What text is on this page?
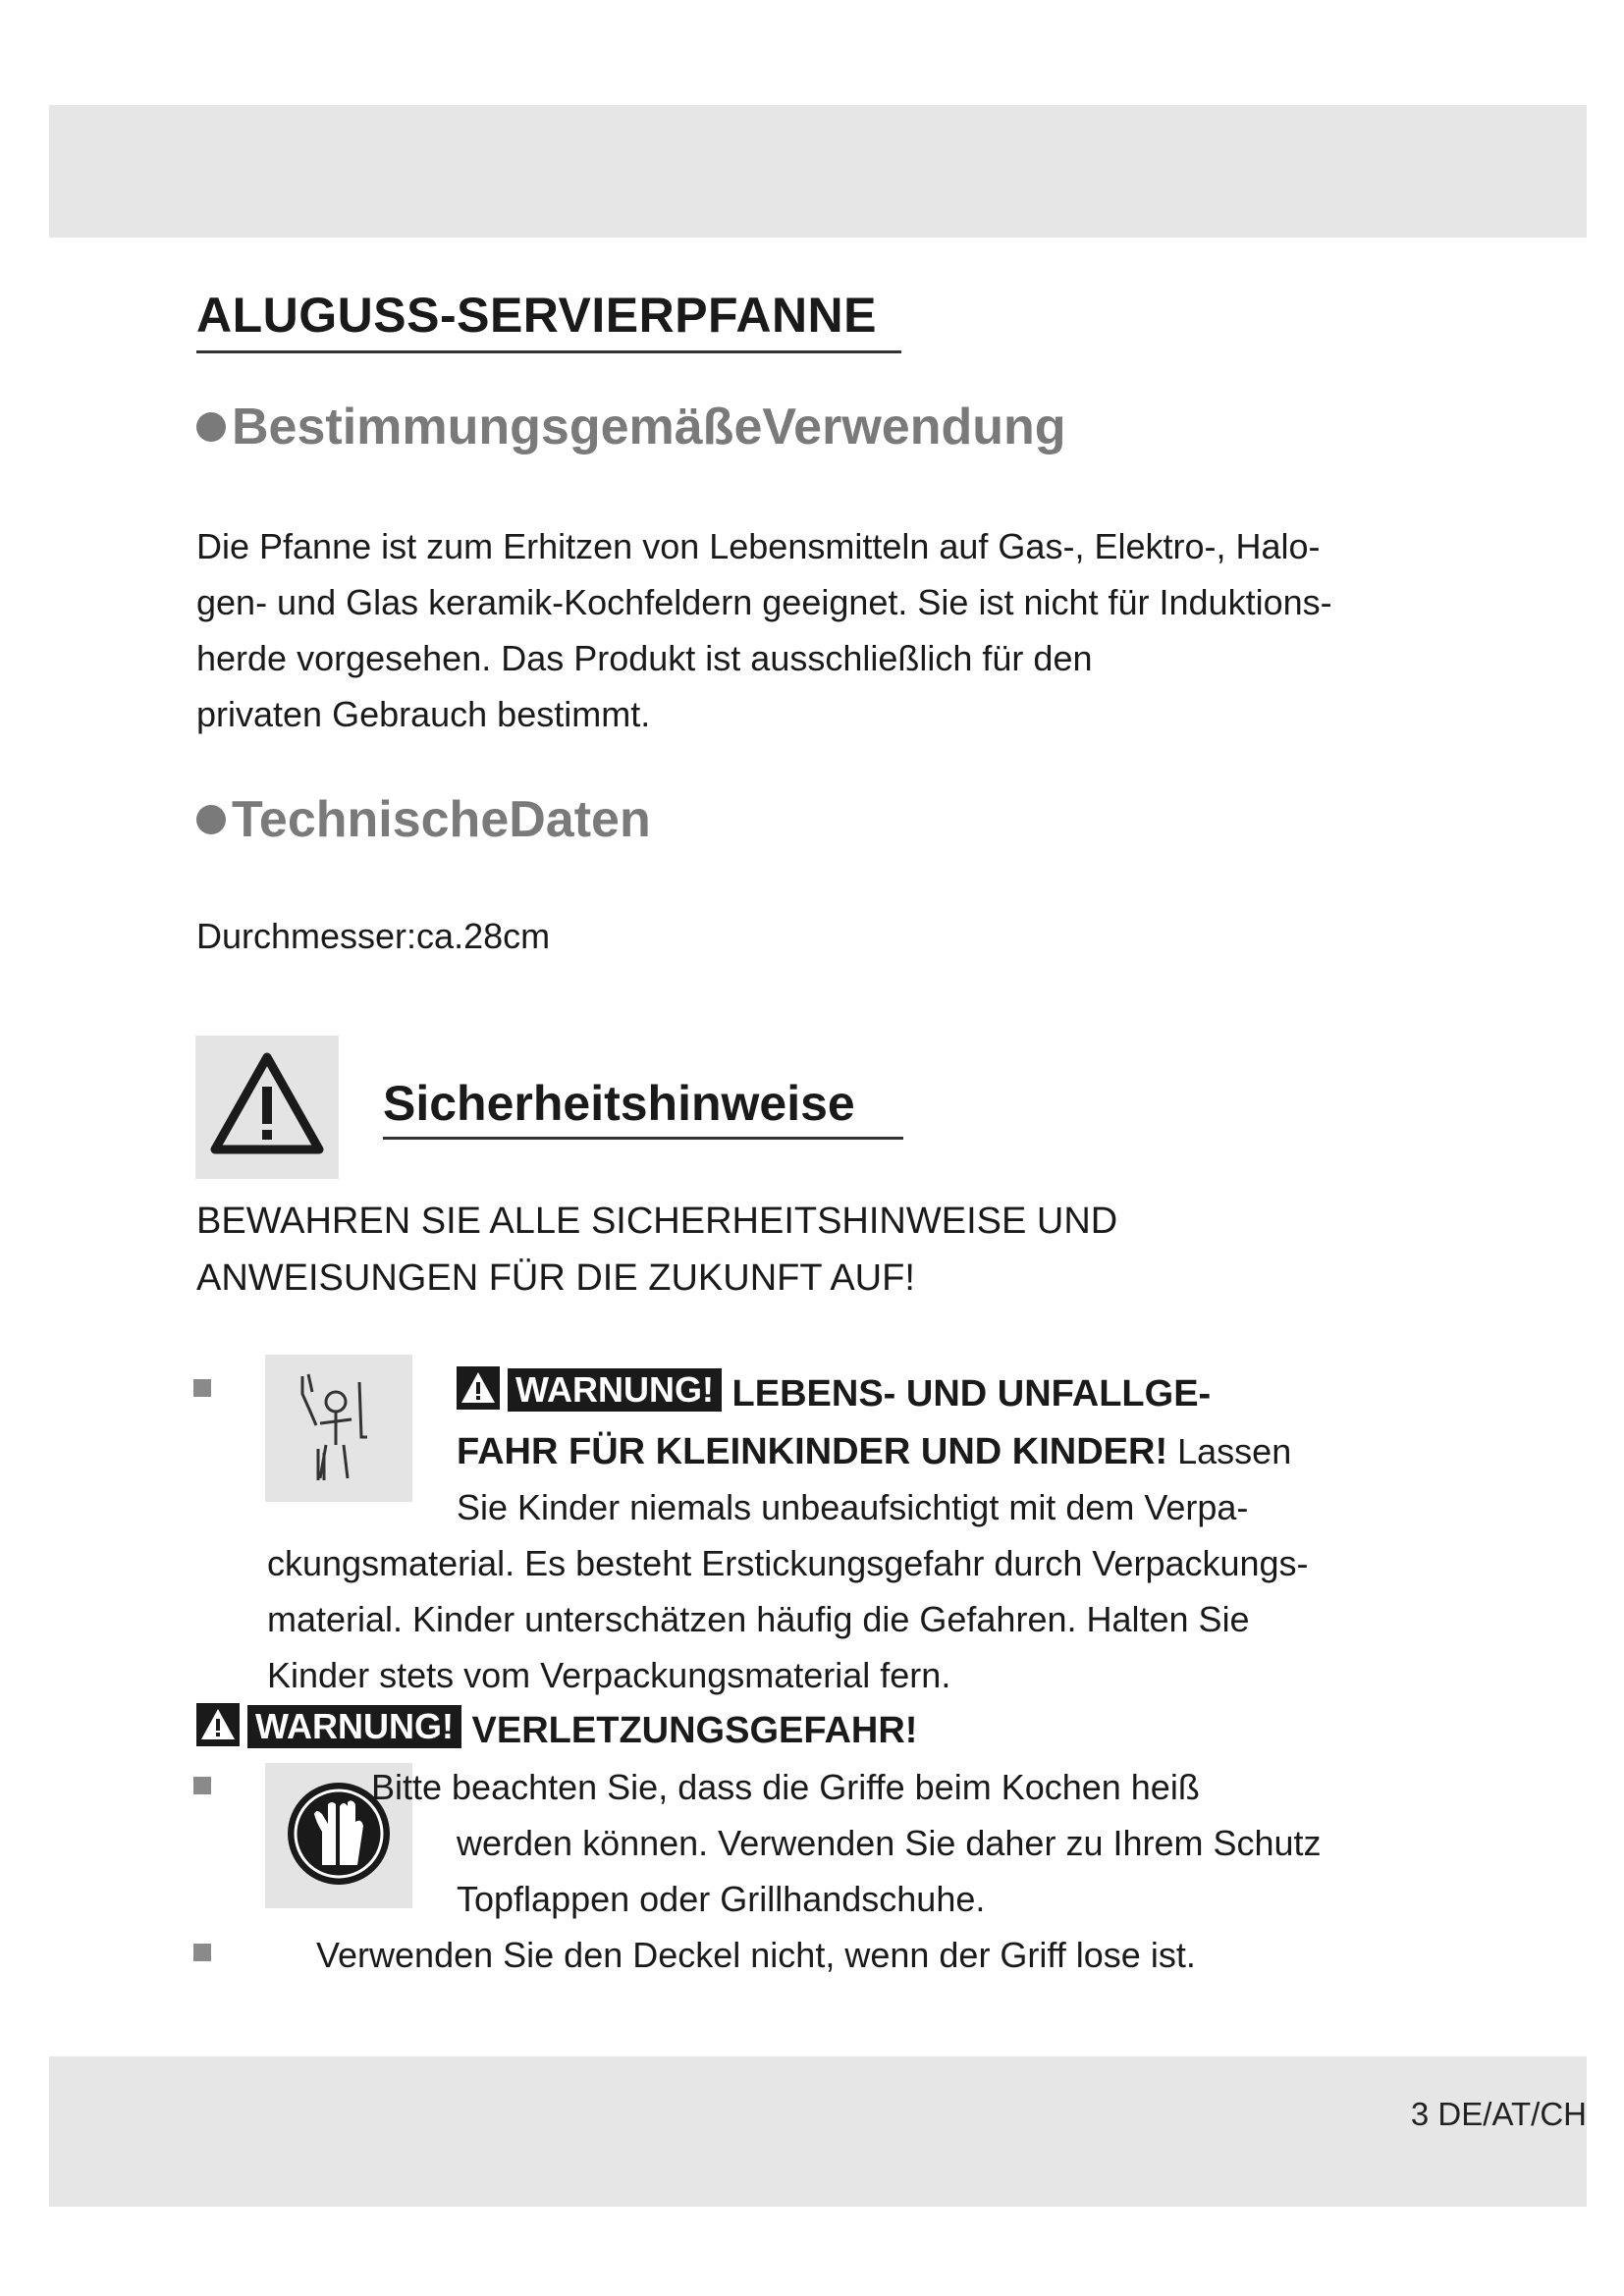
ALUGUSS-SERVIERPFANNE
BestimmungsgemäßeVerwendung
Die Pfanne ist zum Erhitzen von Lebensmitteln auf Gas-, Elektro-, Halo-
gen- und Glas keramik-Kochfeldern geeignet. Sie ist nicht für Induktions-
herde vorgesehen. Das Produkt ist ausschließlich für den
privaten Gebrauch bestimmt.
TechnischeDaten

Durchmesser:ca.28cm

Sicherheitshinweise
BEWAHREN SIE ALLE SICHERHEITSHINWEISE UND
ANWEISUNGEN FÜR DIE ZUKUNFT AUF!

WARNUNG! LEBENS- UND UNFALLGE-

FAHR FÜR KLEINKINDER UND KINDER! Lassen

Sie Kinder niemals unbeaufsichtigt mit dem Verpa-

ckungsmaterial. Es besteht Erstickungsgefahr durch Verpackungs-

material. Kinder unterschätzen häufig die Gefahren. Halten Sie

Kinder stets vom Verpackungsmaterial fern.

WARNUNG! VERLETZUNGSGEFAHR!

Bitte beachten Sie, dass die Griffe beim Kochen heiß

werden können. Verwenden Sie daher zu Ihrem Schutz

Topflappen oder Grillhandschuhe.

Verwenden Sie den Deckel nicht, wenn der Griff lose ist.

3 DE/AT/CH
